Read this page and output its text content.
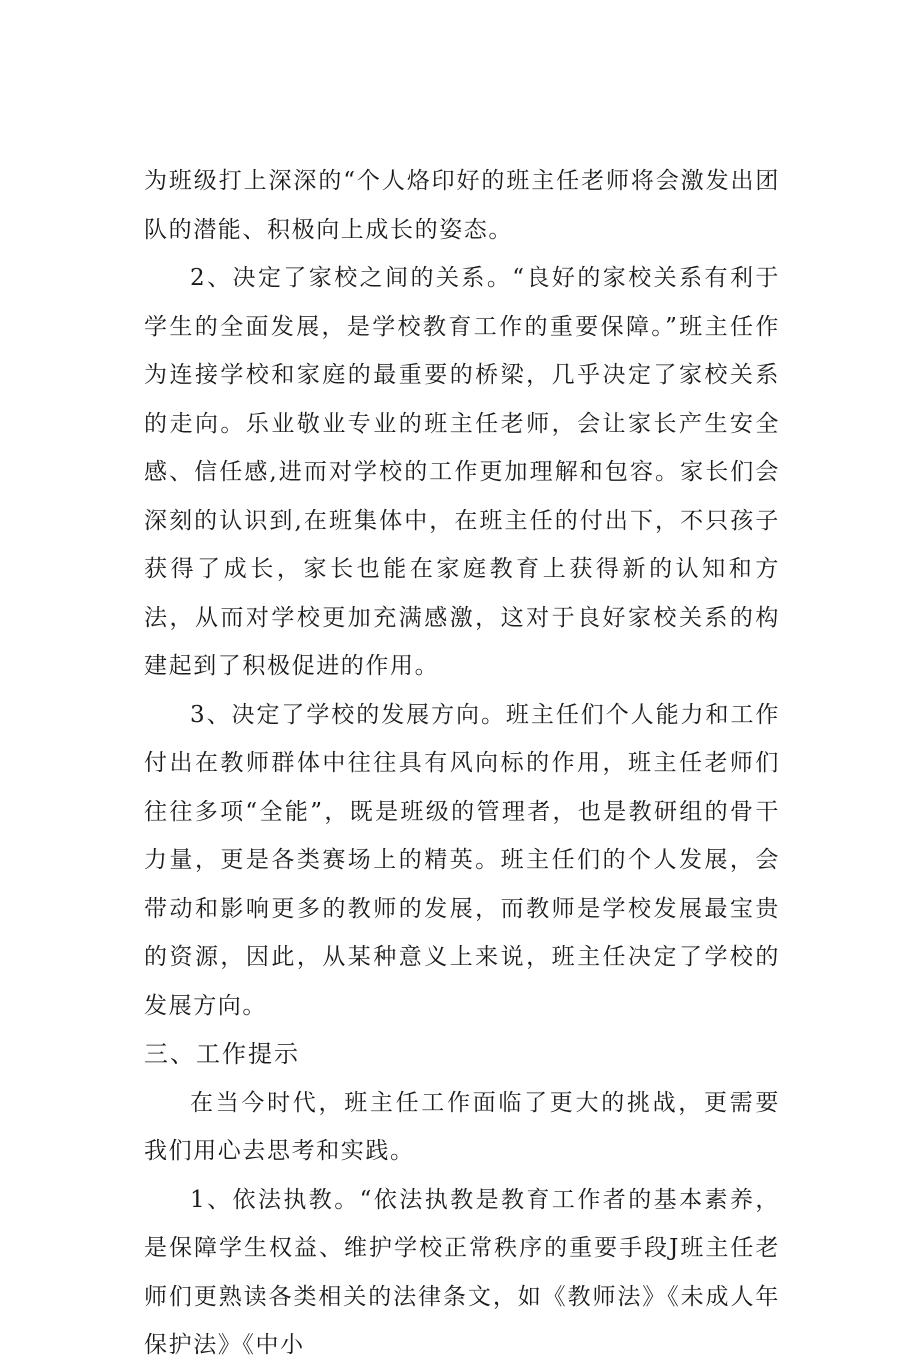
为班级打上深深的“个人烙印好的班主任老师将会激发出团队的潜能、积极向上成长的姿态。

2、决定了家校之间的关系。“良好的家校关系有利于学生的全面发展，是学校教育工作的重要保障。”班主任作为连接学校和家庭的最重要的桥梁，几乎决定了家校关系的走向。乐业敬业专业的班主任老师，会让家长产生安全感、信任感,进而对学校的工作更加理解和包容。家长们会深刻的认识到,在班集体中，在班主任的付出下，不只孩子获得了成长，家长也能在家庭教育上获得新的认知和方法，从而对学校更加充满感激，这对于良好家校关系的构建起到了积极促进的作用。

3、决定了学校的发展方向。班主任们个人能力和工作付出在教师群体中往往具有风向标的作用，班主任老师们往往多项“全能”，既是班级的管理者，也是教研组的骨干力量，更是各类赛场上的精英。班主任们的个人发展，会带动和影响更多的教师的发展，而教师是学校发展最宝贵的资源，因此，从某种意义上来说，班主任决定了学校的发展方向。

三、工作提示

在当今时代，班主任工作面临了更大的挑战，更需要我们用心去思考和实践。

1、依法执教。“依法执教是教育工作者的基本素养，是保障学生权益、维护学校正常秩序的重要手段J班主任老师们更熟读各类相关的法律条文，如《教师法》《未成人年保护法》《中小
